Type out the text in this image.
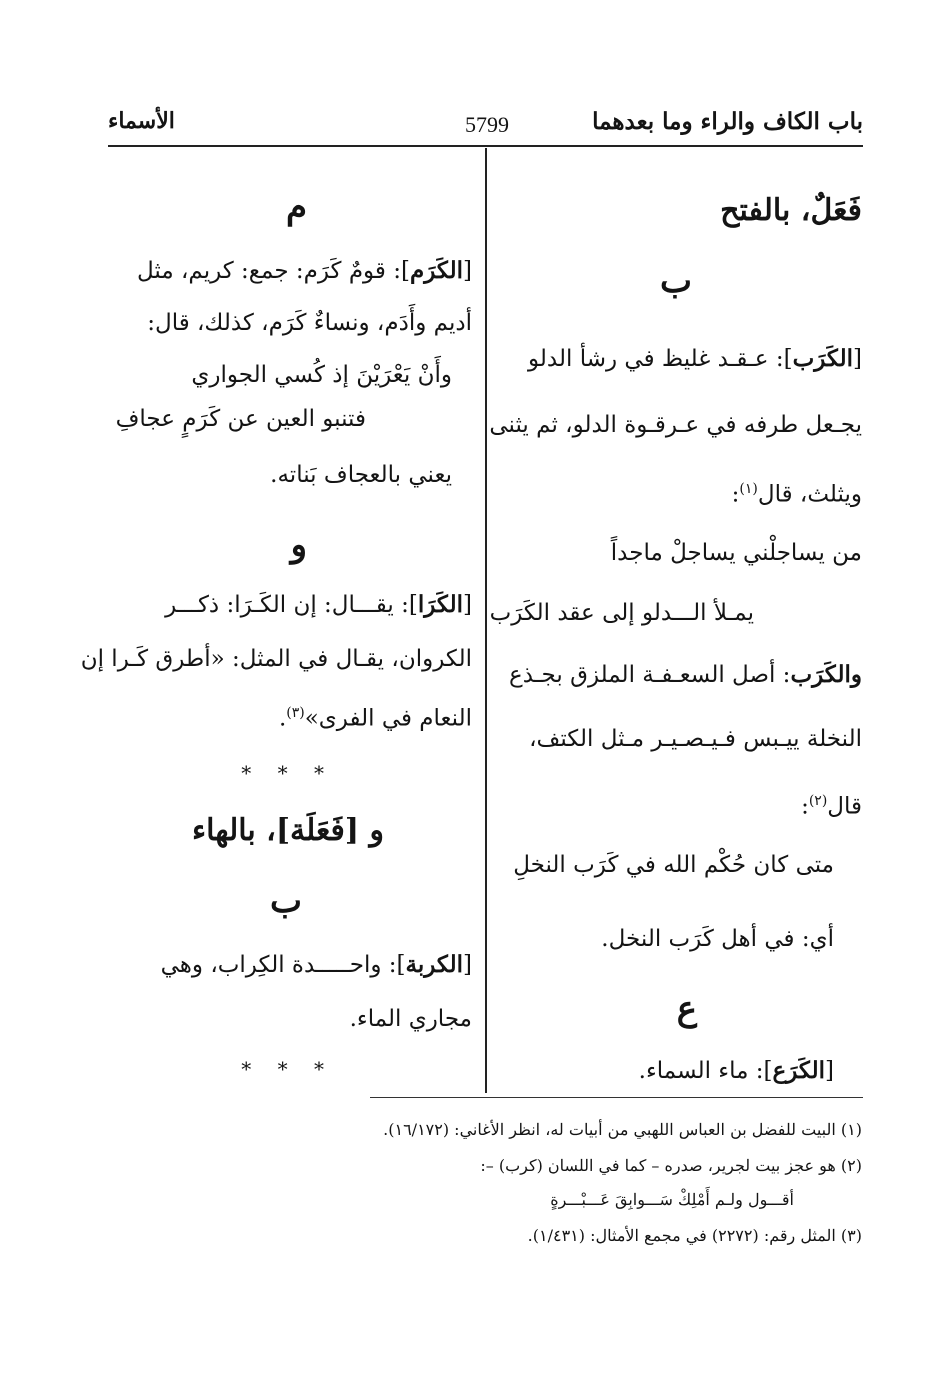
باب الكاف والراء وما بعدهما
5799
الأسماء
فَعَلٌ، بالفتح
ب
[الكَرَب]: عـقـد غليظ في رشأ الدلو
يجـعل طرفه في عـرقـوة الدلو، ثم يثنى
ويثلث، قال$^{(١)}$:
من يساجلْني يساجلْ ماجداً
يمـلأ الـــدلو إلى عقد الكَرَب
والكَرَب: أصل السعـفـة الملزق بجـذع
النخلة ييـبس فـيـصـيـر مـثل الكتف،
قال$^{(٢)}$:
متى كان حُكْم الله في كَرَب النخلِ
أي: في أهل كَرَب النخل.
ع
[الكَرَع]: ماء السماء.
م
[الكَرَم]: قومٌ كَرَم: جمع: كريم، مثل
أديم وأَدَم، ونساءٌ كَرَم، كذلك، قال:
وأَنْ يَعْرَيْنَ إذ كُسي الجواري
فتنبو العين عن كَرَمٍ عجافِ
يعني بالعجاف بَناته.
و
[الكَرَا]: يقـــال: إن الكَـرَا: ذكـــر
الكروان، يقـال في المثل: «أطرق كَـرا إن
النعام في الفرى»$^{(٣)}$.
* * *
و [فَعَلَة]، بالهاء
ب
[الكربة]: واحـــــدة الكِراب، وهي
مجاري الماء.
* * *
(١) البيت للفضل بن العباس اللهبي من أبيات له، انظر الأغاني: (١٦/١٧٢).
(٢) هو عجز بيت لجرير، صدره – كما في اللسان (كرب) –:
أقـــول ولـم أَمْلِكْ سَـــوابِقَ عَـــبْـــرةٍ
(٣) المثل رقم: (٢٢٧٢) في مجمع الأمثال: (١/٤٣١).
